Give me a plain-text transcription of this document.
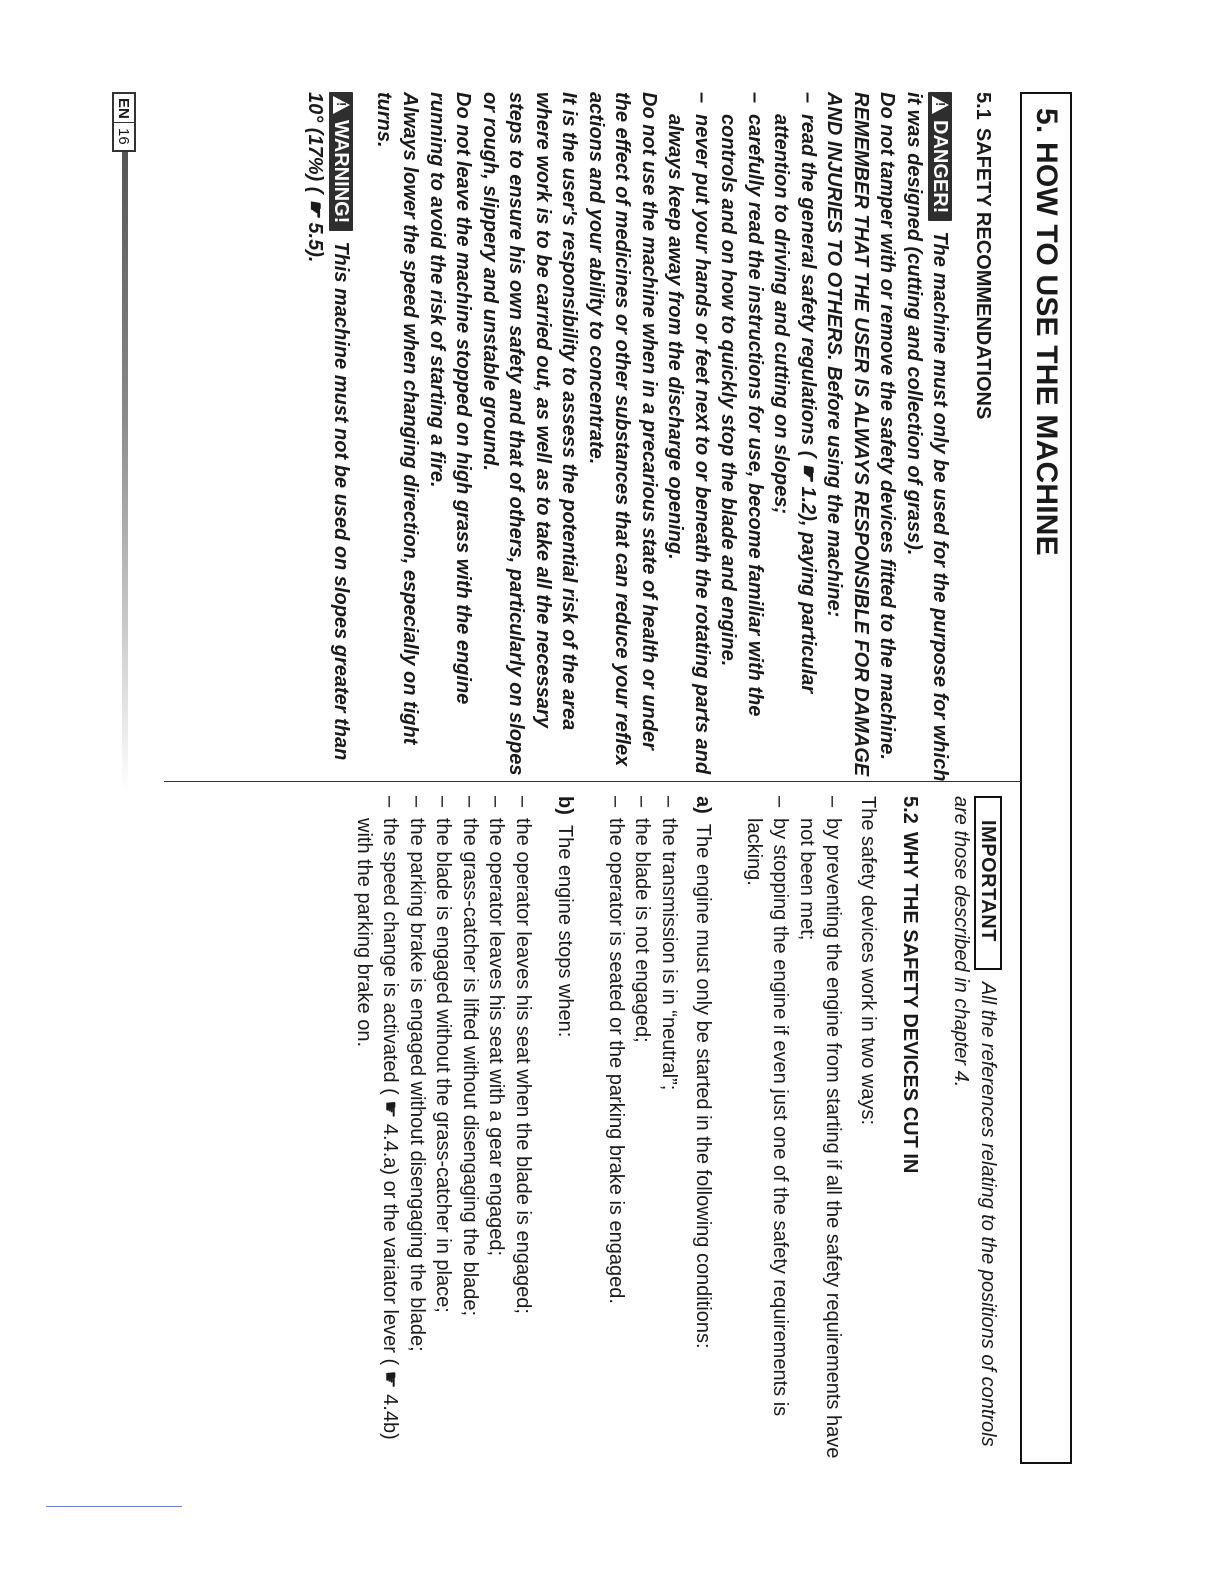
5. HOW TO USE THE MACHINE
5.1SAFETY RECOMMENDATIONS

!DANGER!The machine must only be used for the purpose for which it was designed (cutting and collection of grass).

Do not tamper with or remove the safety devices fitted to the machine. REMEMBER THAT THE USER IS ALWAYS RESPONSIBLE FOR DAMAGE AND INJURIES TO OTHERS. Before using the machine:

–
read the general safety regulations ( ☛ 1.2), paying particular attention to driving and cutting on slopes;
–
carefully read the instructions for use, become familiar with the controls and on how to quickly stop the blade and engine.
–
never put your hands or feet next to or beneath the rotating parts and always keep away from the discharge opening.

Do not use the machine when in a precarious state of health or under the effect of medicines or other substances that can reduce your reflex actions and your ability to concentrate.

It is the user's responsibility to assess the potential risk of the area where work is to be carried out, as well as to take all the necessary steps to ensure his own safety and that of others, particularly on slopes or rough, slippery and unstable ground.

Do not leave the machine stopped on high grass with the engine running to avoid the risk of starting a fire.

Always lower the speed when changing direction, especially on tight turns.

!WARNING!This machine must not be used on slopes greater than 10° (17%) ( ☛ 5.5).

IMPORTANTAll the references relating to the positions of controls are those described in chapter 4.

5.2WHY THE SAFETY DEVICES CUT IN

The safety devices work in two ways:

–
by preventing the engine from starting if all the safety requirements have not been met;
–
by stopping the engine if even just one of the safety requirements is lacking.

a)The engine must only be started in the following conditions:

–
the transmission is in “neutral”;
–
the blade is not engaged;
–
the operator is seated or the parking brake is engaged.

b)The engine stops when:

–
the operator leaves his seat when the blade is engaged;
–
the operator leaves his seat with a gear engaged;
–
the grass-catcher is lifted without disengaging the blade;
–
the blade is engaged without the grass-catcher in place;
–
the parking brake is engaged without disengaging the blade;
–
the speed change is activated ( ☛ 4.4.a) or the variator lever ( ☛ 4.4b) with the parking brake on.
EN
16
